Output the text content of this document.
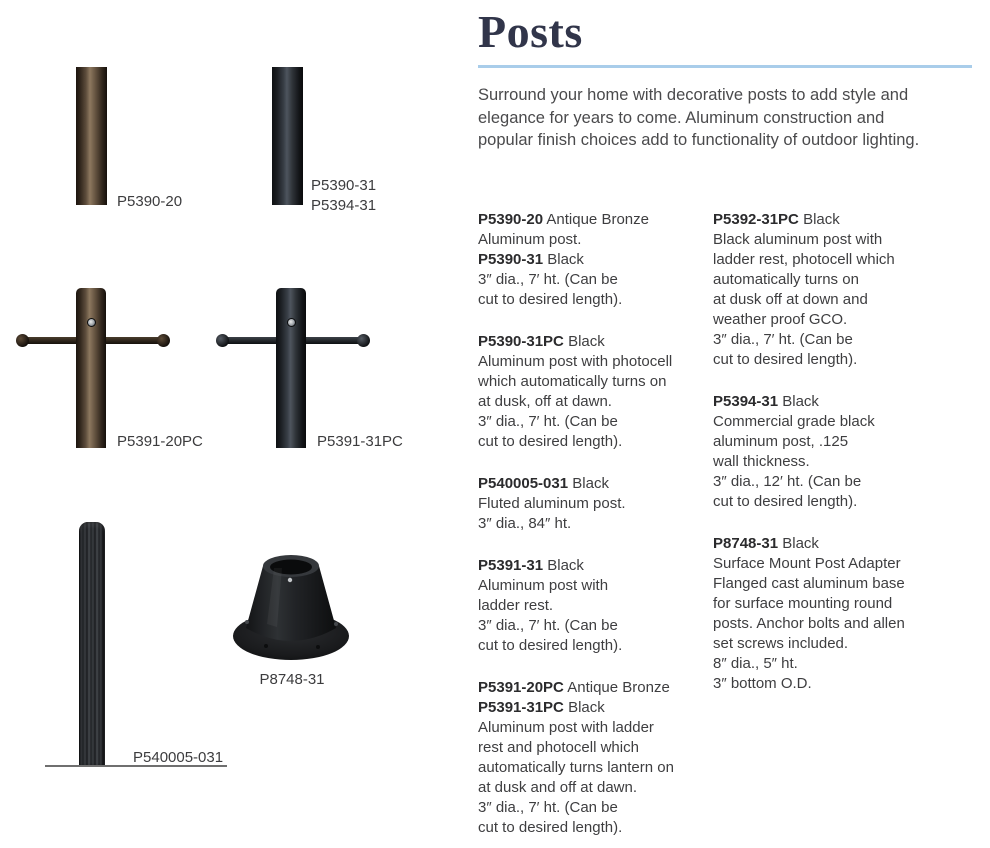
P5390-20
P5390-31
P5394-31
P5391-20PC	P5391-31PC
P540005-031
P8748-31
Posts

Surround your home with decorative posts to add style and elegance for years to come. Aluminum construction and popular finish choices add to functionality of outdoor lighting.

P5390-20 Antique Bronze
Aluminum post.
P5390-31 Black
3″ dia., 7′ ht. (Can be
cut to desired length).
P5390-31PC Black
Aluminum post with photocell
which automatically turns on
at dusk, off at dawn.
3″ dia., 7′ ht. (Can be
cut to desired length).
P540005-031 Black
Fluted aluminum post.
3″ dia., 84″ ht.
P5391-31 Black
Aluminum post with
ladder rest.
3″ dia., 7′ ht. (Can be
cut to desired length).
P5391-20PC Antique Bronze
P5391-31PC Black
Aluminum post with ladder
rest and photocell which
automatically turns lantern on
at dusk and off at dawn.
3″ dia., 7′ ht. (Can be
cut to desired length).
P5392-31PC Black
Black aluminum post with
ladder rest, photocell which
automatically turns on
at dusk off at down and
weather proof GCO.
3″ dia., 7′ ht. (Can be
cut to desired length).
P5394-31 Black
Commercial grade black
aluminum post, .125
wall thickness.
3″ dia., 12′ ht. (Can be
cut to desired length).
P8748-31 Black
Surface Mount Post Adapter
Flanged cast aluminum base
for surface mounting round
posts. Anchor bolts and allen
set screws included.
8″ dia., 5″ ht.
3″ bottom O.D.
